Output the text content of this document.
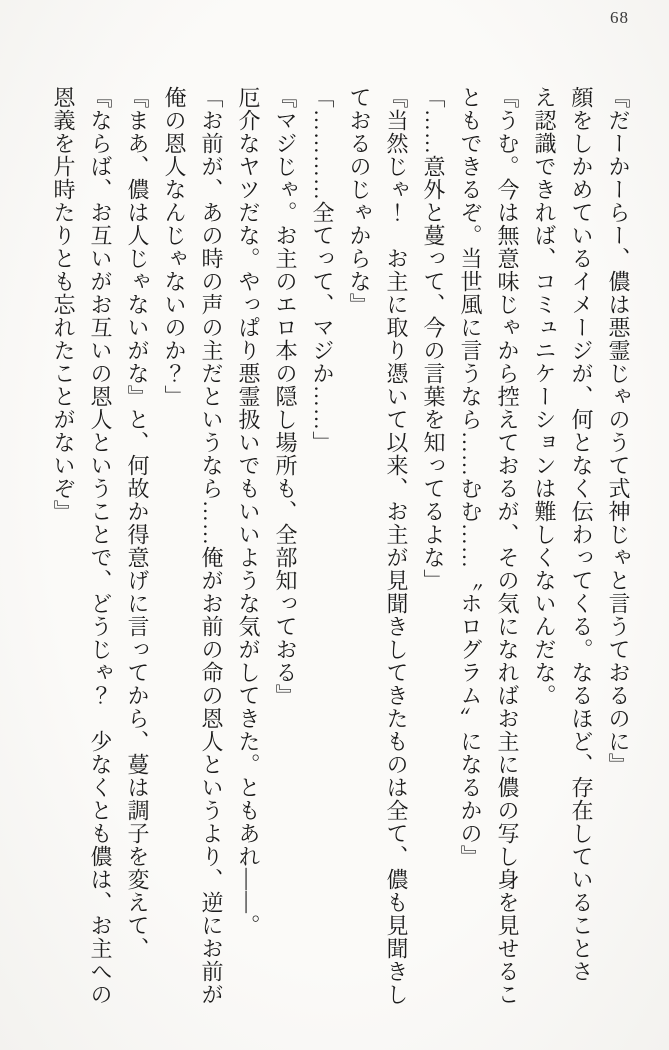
68

『だーかーらー、儂は悪霊じゃのうて式神じゃと言うておるのに』

顔をしかめているイメージが、何となく伝わってくる。なるほど、存在していることさ

え認識できれば、コミュニケーションは難しくないんだな。

『うむ。今は無意味じゃから控えておるが、その気になればお主に儂の写し身を見せるこ

ともできるぞ。当世風に言うなら……むむ……〝ホログラム〟になるかの』

「……意外と蔓って、今の言葉を知ってるよな」

『当然じゃ！　お主に取り憑いて以来、お主が見聞きしてきたものは全て、儂も見聞きし

ておるのじゃからな』

「…………全てって、マジか……」

『マジじゃ。お主のエロ本の隠し場所も、全部知っておる』

厄介なヤツだな。やっぱり悪霊扱いでもいいような気がしてきた。ともあれ――。

「お前が、あの時の声の主だというなら……俺がお前の命の恩人というより、逆にお前が

俺の恩人なんじゃないのか？」

『まあ、儂は人じゃないがな』と、何故か得意げに言ってから、蔓は調子を変えて、

『ならば、お互いがお互いの恩人ということで、どうじゃ？　少なくとも儂は、お主への

恩義を片時たりとも忘れたことがないぞ』
